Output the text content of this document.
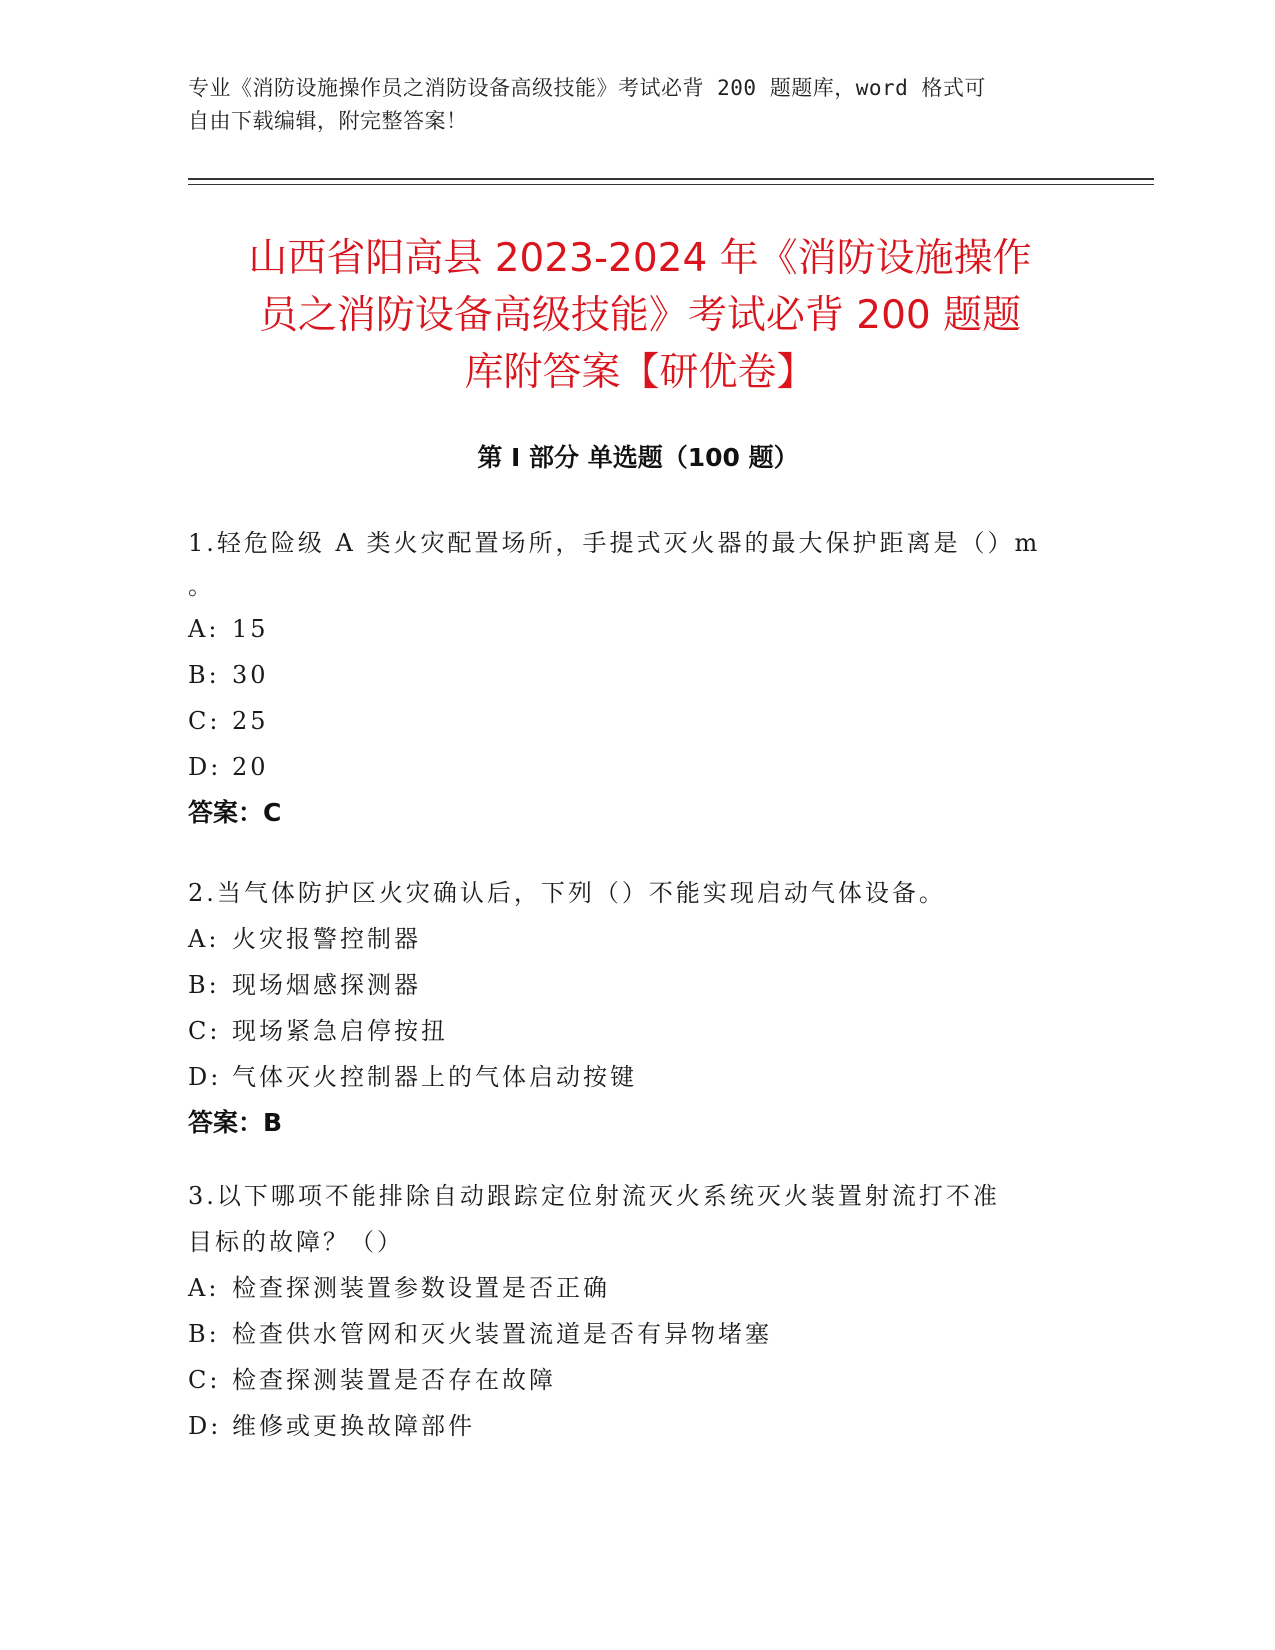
专业《消防设施操作员之消防设备高级技能》考试必背 200 题题库，word 格式可
自由下载编辑，附完整答案！
山西省阳高县 2023-2024 年《消防设施操作
员之消防设备高级技能》考试必背 200 题题
库附答案【研优卷】
第 I 部分 单选题（100 题）

1.轻危险级 A 类火灾配置场所，手提式灭火器的最大保护距离是（）m

。

A: 15

B: 30

C: 25

D: 20

答案：C

2.当气体防护区火灾确认后，下列（）不能实现启动气体设备。

A: 火灾报警控制器

B: 现场烟感探测器

C: 现场紧急启停按扭

D: 气体灭火控制器上的气体启动按键

答案：B

3.以下哪项不能排除自动跟踪定位射流灭火系统灭火装置射流打不准

目标的故障？（）

A: 检查探测装置参数设置是否正确

B: 检查供水管网和灭火装置流道是否有异物堵塞

C: 检查探测装置是否存在故障

D: 维修或更换故障部件
